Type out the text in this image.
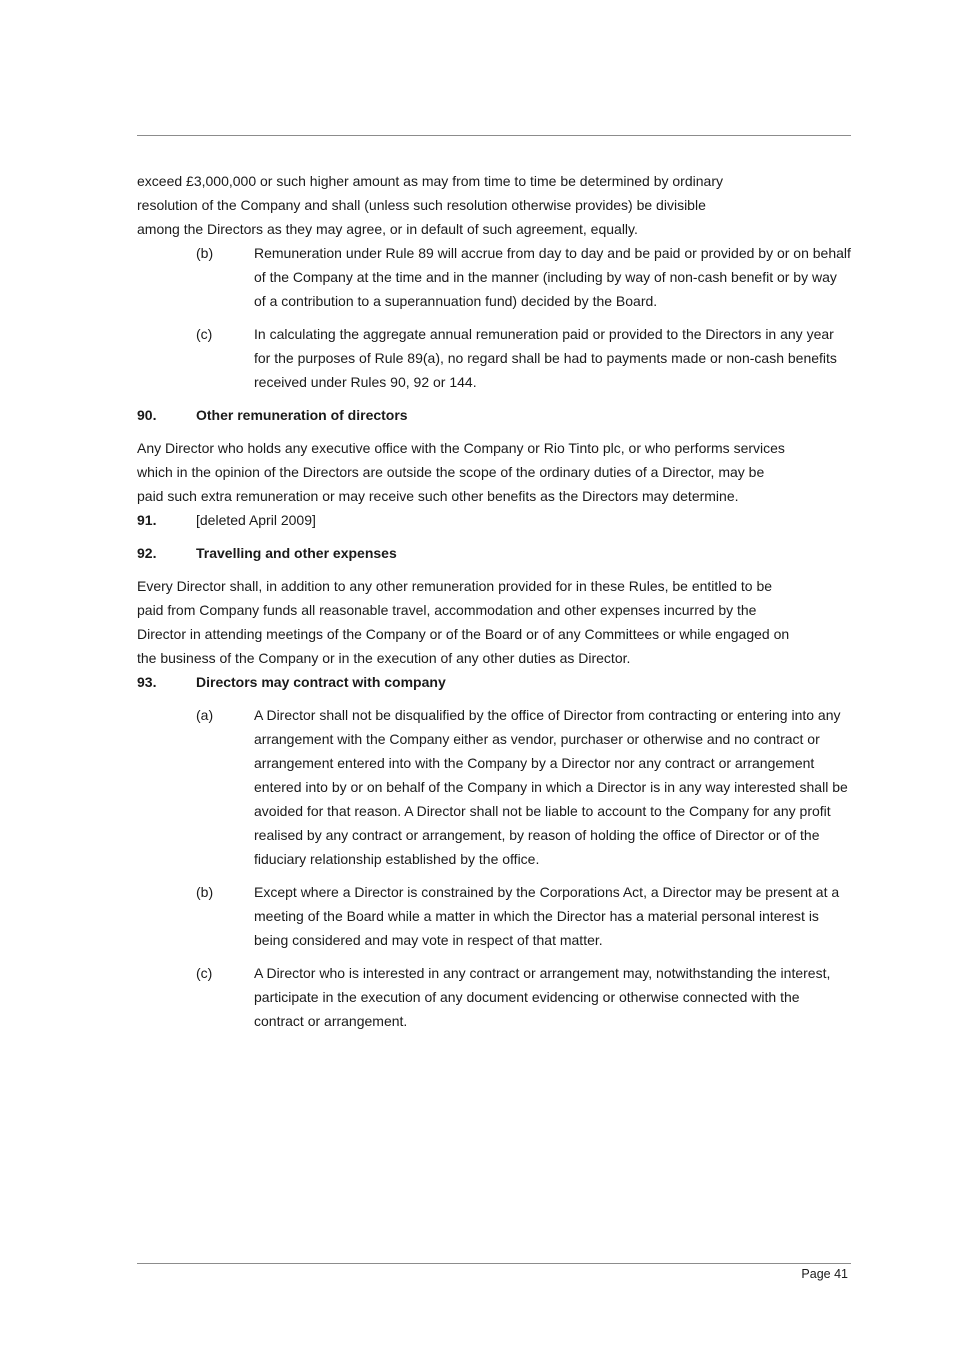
exceed £3,000,000 or such higher amount as may from time to time be determined by ordinary resolution of the Company and shall (unless such resolution otherwise provides) be divisible among the Directors as they may agree, or in default of such agreement, equally.

(b)	Remuneration under Rule 89 will accrue from day to day and be paid or provided by or on behalf of the Company at the time and in the manner (including by way of non-cash benefit or by way of a contribution to a superannuation fund) decided by the Board.

(c)	In calculating the aggregate annual remuneration paid or provided to the Directors in any year for the purposes of Rule 89(a), no regard shall be had to payments made or non-cash benefits received under Rules 90, 92 or 144.

90.	Other remuneration of directors

Any Director who holds any executive office with the Company or Rio Tinto plc, or who performs services which in the opinion of the Directors are outside the scope of the ordinary duties of a Director, may be paid such extra remuneration or may receive such other benefits as the Directors may determine.

91.	[deleted April 2009]
92.	Travelling and other expenses

Every Director shall, in addition to any other remuneration provided for in these Rules, be entitled to be paid from Company funds all reasonable travel, accommodation and other expenses incurred by the Director in attending meetings of the Company or of the Board or of any Committees or while engaged on the business of the Company or in the execution of any other duties as Director.

93.	Directors may contract with company
(a)	A Director shall not be disqualified by the office of Director from contracting or entering into any arrangement with the Company either as vendor, purchaser or otherwise and no contract or arrangement entered into with the Company by a Director nor any contract or arrangement entered into by or on behalf of the Company in which a Director is in any way interested shall be avoided for that reason. A Director shall not be liable to account to the Company for any profit realised by any contract or arrangement, by reason of holding the office of Director or of the fiduciary relationship established by the office.

(b)	Except where a Director is constrained by the Corporations Act, a Director may be present at a meeting of the Board while a matter in which the Director has a material personal interest is being considered and may vote in respect of that matter.

(c)	A Director who is interested in any contract or arrangement may, notwithstanding the interest, participate in the execution of any document evidencing or otherwise connected with the contract or arrangement.

Page 41
